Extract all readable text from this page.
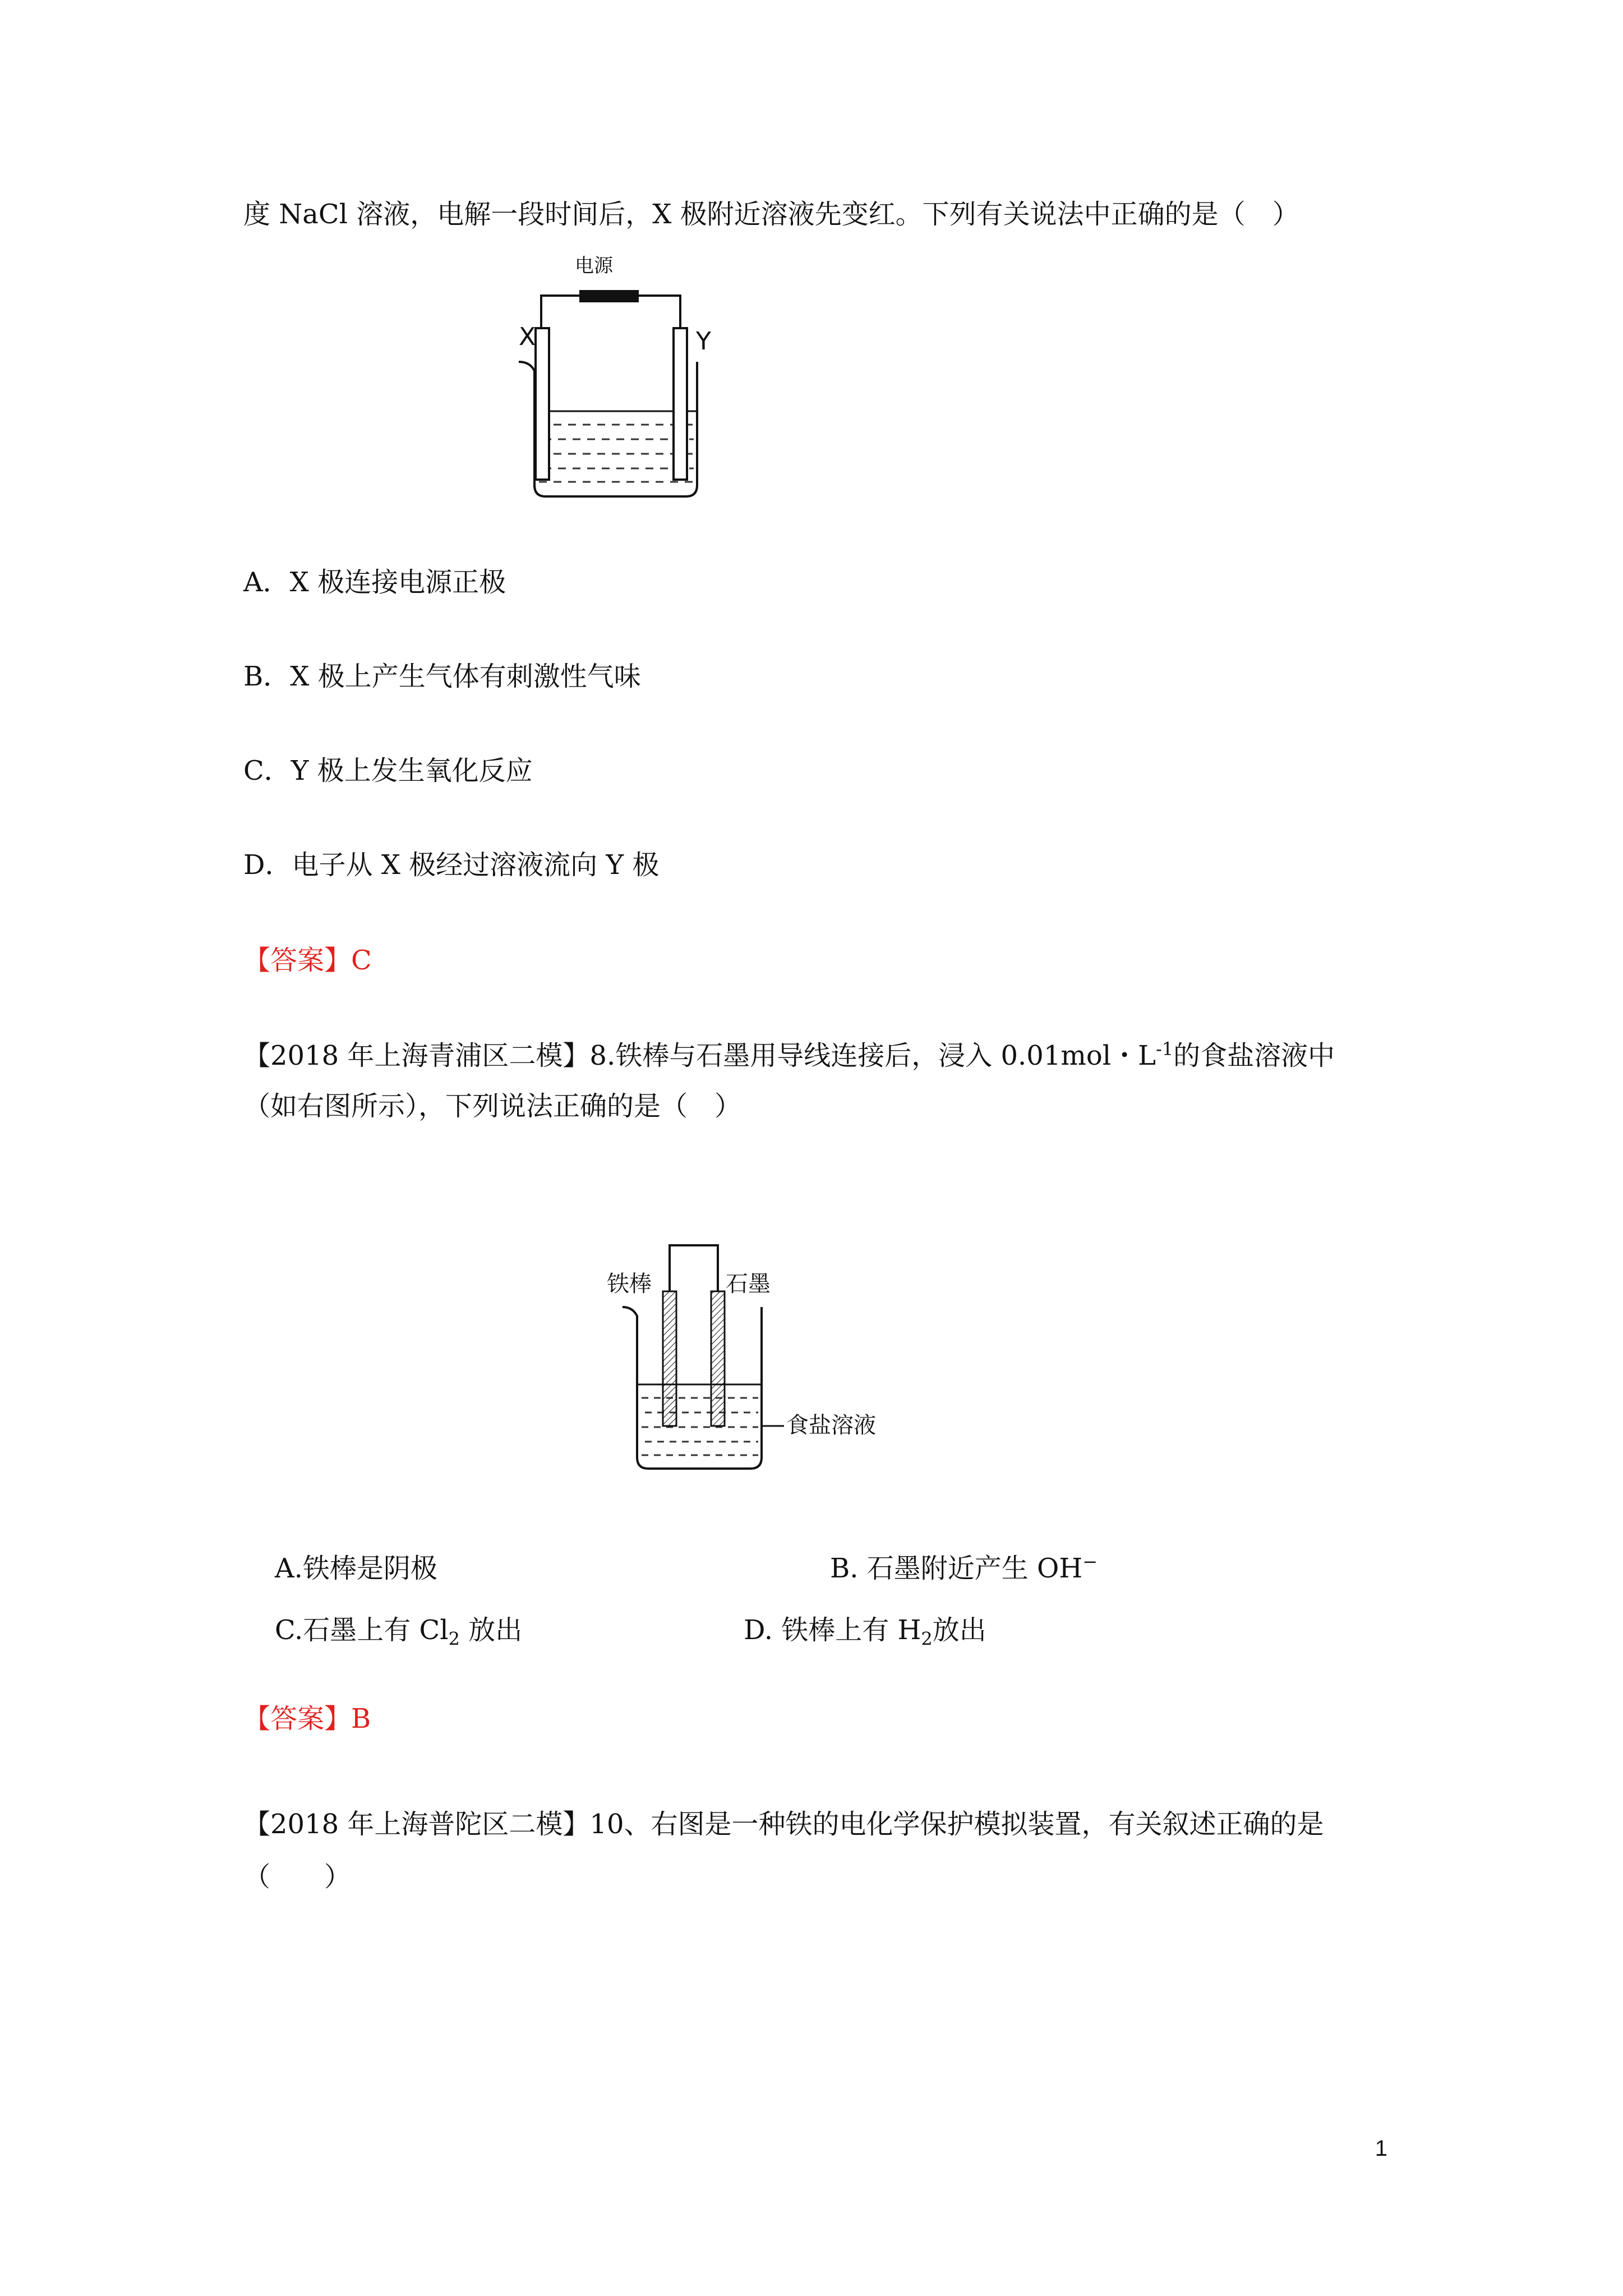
度 NaCl 溶液，电解一段时间后，X 极附近溶液先变红。下列有关说法中正确的是（　）
电源
X	Y
A．X 极连接电源正极
B．X 极上产生气体有刺激性气味
C．Y 极上发生氧化反应
D．电子从 X 极经过溶液流向 Y 极
【答案】C
【2018 年上海青浦区二模】8.铁棒与石墨用导线连接后，浸入 0.01mol・$L^{-1}$的食盐溶液中
（如右图所示），下列说法正确的是（　）
铁棒	石墨
食盐溶液
A.铁棒是阴极	B. 石墨附近产生 OH−
C.石墨上有 $Cl_2$ 放出	D. 铁棒上有 $H_2$放出
【答案】B
【2018 年上海普陀区二模】10、右图是一种铁的电化学保护模拟装置，有关叙述正确的是
（　　）
1
